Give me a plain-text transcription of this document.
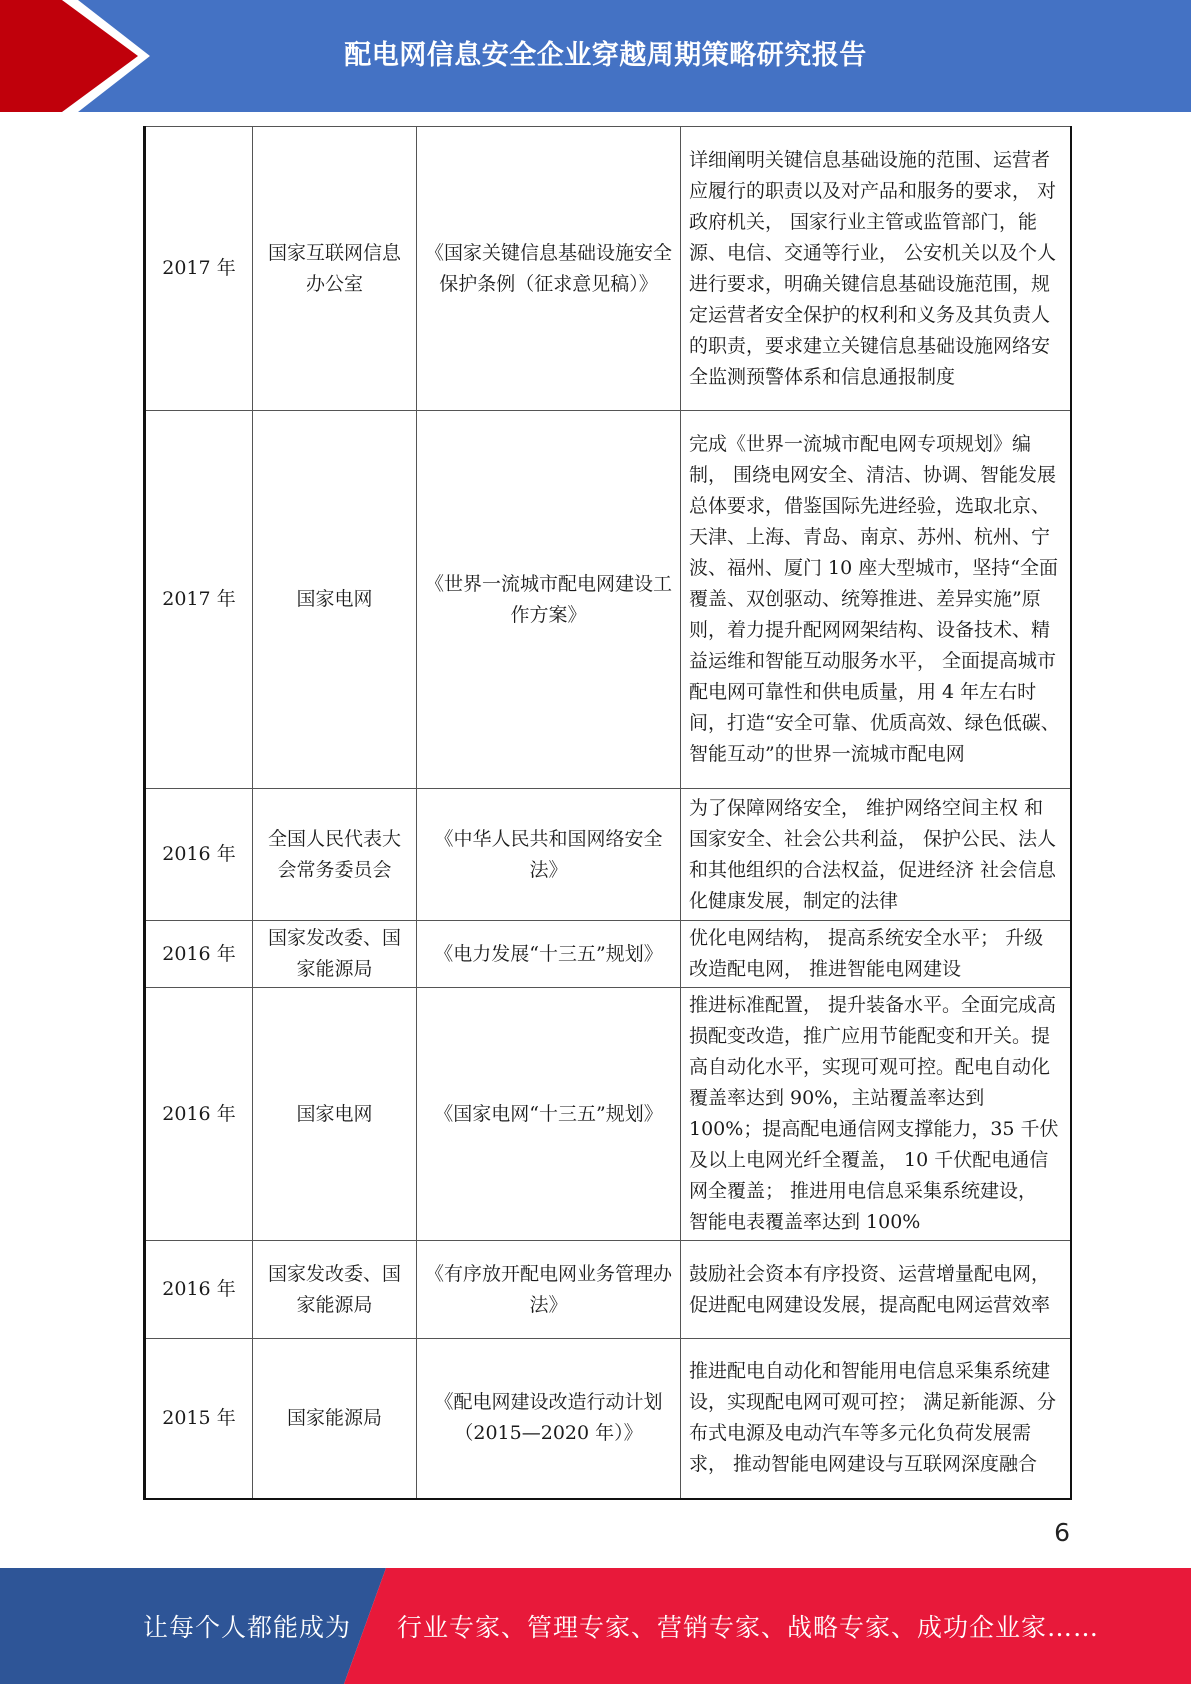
配电网信息安全企业穿越周期策略研究报告
2017 年	国家互联网信息办公室	《国家关键信息基础设施安全保护条例（征求意见稿）》	详细阐明关键信息基础设施的范围、运营者应履行的职责以及对产品和服务的要求， 对政府机关， 国家行业主管或监管部门，能源、电信、交通等行业， 公安机关以及个人进行要求，明确关键信息基础设施范围，规定运营者安全保护的权利和义务及其负责人的职责，要求建立关键信息基础设施网络安全监测预警体系和信息通报制度
2017 年	国家电网	《世界一流城市配电网建设工作方案》	完成《世界一流城市配电网专项规划》编制， 围绕电网安全、清洁、协调、智能发展总体要求，借鉴国际先进经验，选取北京、天津、上海、青岛、南京、苏州、杭州、宁波、福州、厦门 10 座大型城市，坚持“全面覆盖、双创驱动、统筹推进、差异实施”原则，着力提升配网网架结构、设备技术、精益运维和智能互动服务水平， 全面提高城市配电网可靠性和供电质量，用 4 年左右时间，打造“安全可靠、优质高效、绿色低碳、智能互动”的世界一流城市配电网
2016 年	全国人民代表大会常务委员会	《中华人民共和国网络安全法》	为了保障网络安全， 维护网络空间主权 和国家安全、社会公共利益， 保护公民、法人和其他组织的合法权益，促进经济 社会信息化健康发展，制定的法律
2016 年	国家发改委、国家能源局	《电力发展“十三五”规划》	优化电网结构， 提高系统安全水平； 升级改造配电网， 推进智能电网建设
2016 年	国家电网	《国家电网“十三五”规划》	推进标准配置， 提升装备水平。全面完成高损配变改造，推广应用节能配变和开关。提高自动化水平，实现可观可控。配电自动化覆盖率达到 90%，主站覆盖率达到 100%；提高配电通信网支撑能力，35 千伏及以上电网光纤全覆盖， 10 千伏配电通信网全覆盖； 推进用电信息采集系统建设， 智能电表覆盖率达到 100%
2016 年	国家发改委、国家能源局	《有序放开配电网业务管理办法》	鼓励社会资本有序投资、运营增量配电网，促进配电网建设发展，提高配电网运营效率
2015 年	国家能源局	《配电网建设改造行动计划（2015—2020 年）》	推进配电自动化和智能用电信息采集系统建设，实现配电网可观可控； 满足新能源、分布式电源及电动汽车等多元化负荷发展需求， 推动智能电网建设与互联网深度融合
6
让每个人都能成为 行业专家、管理专家、营销专家、战略专家、成功企业家……
